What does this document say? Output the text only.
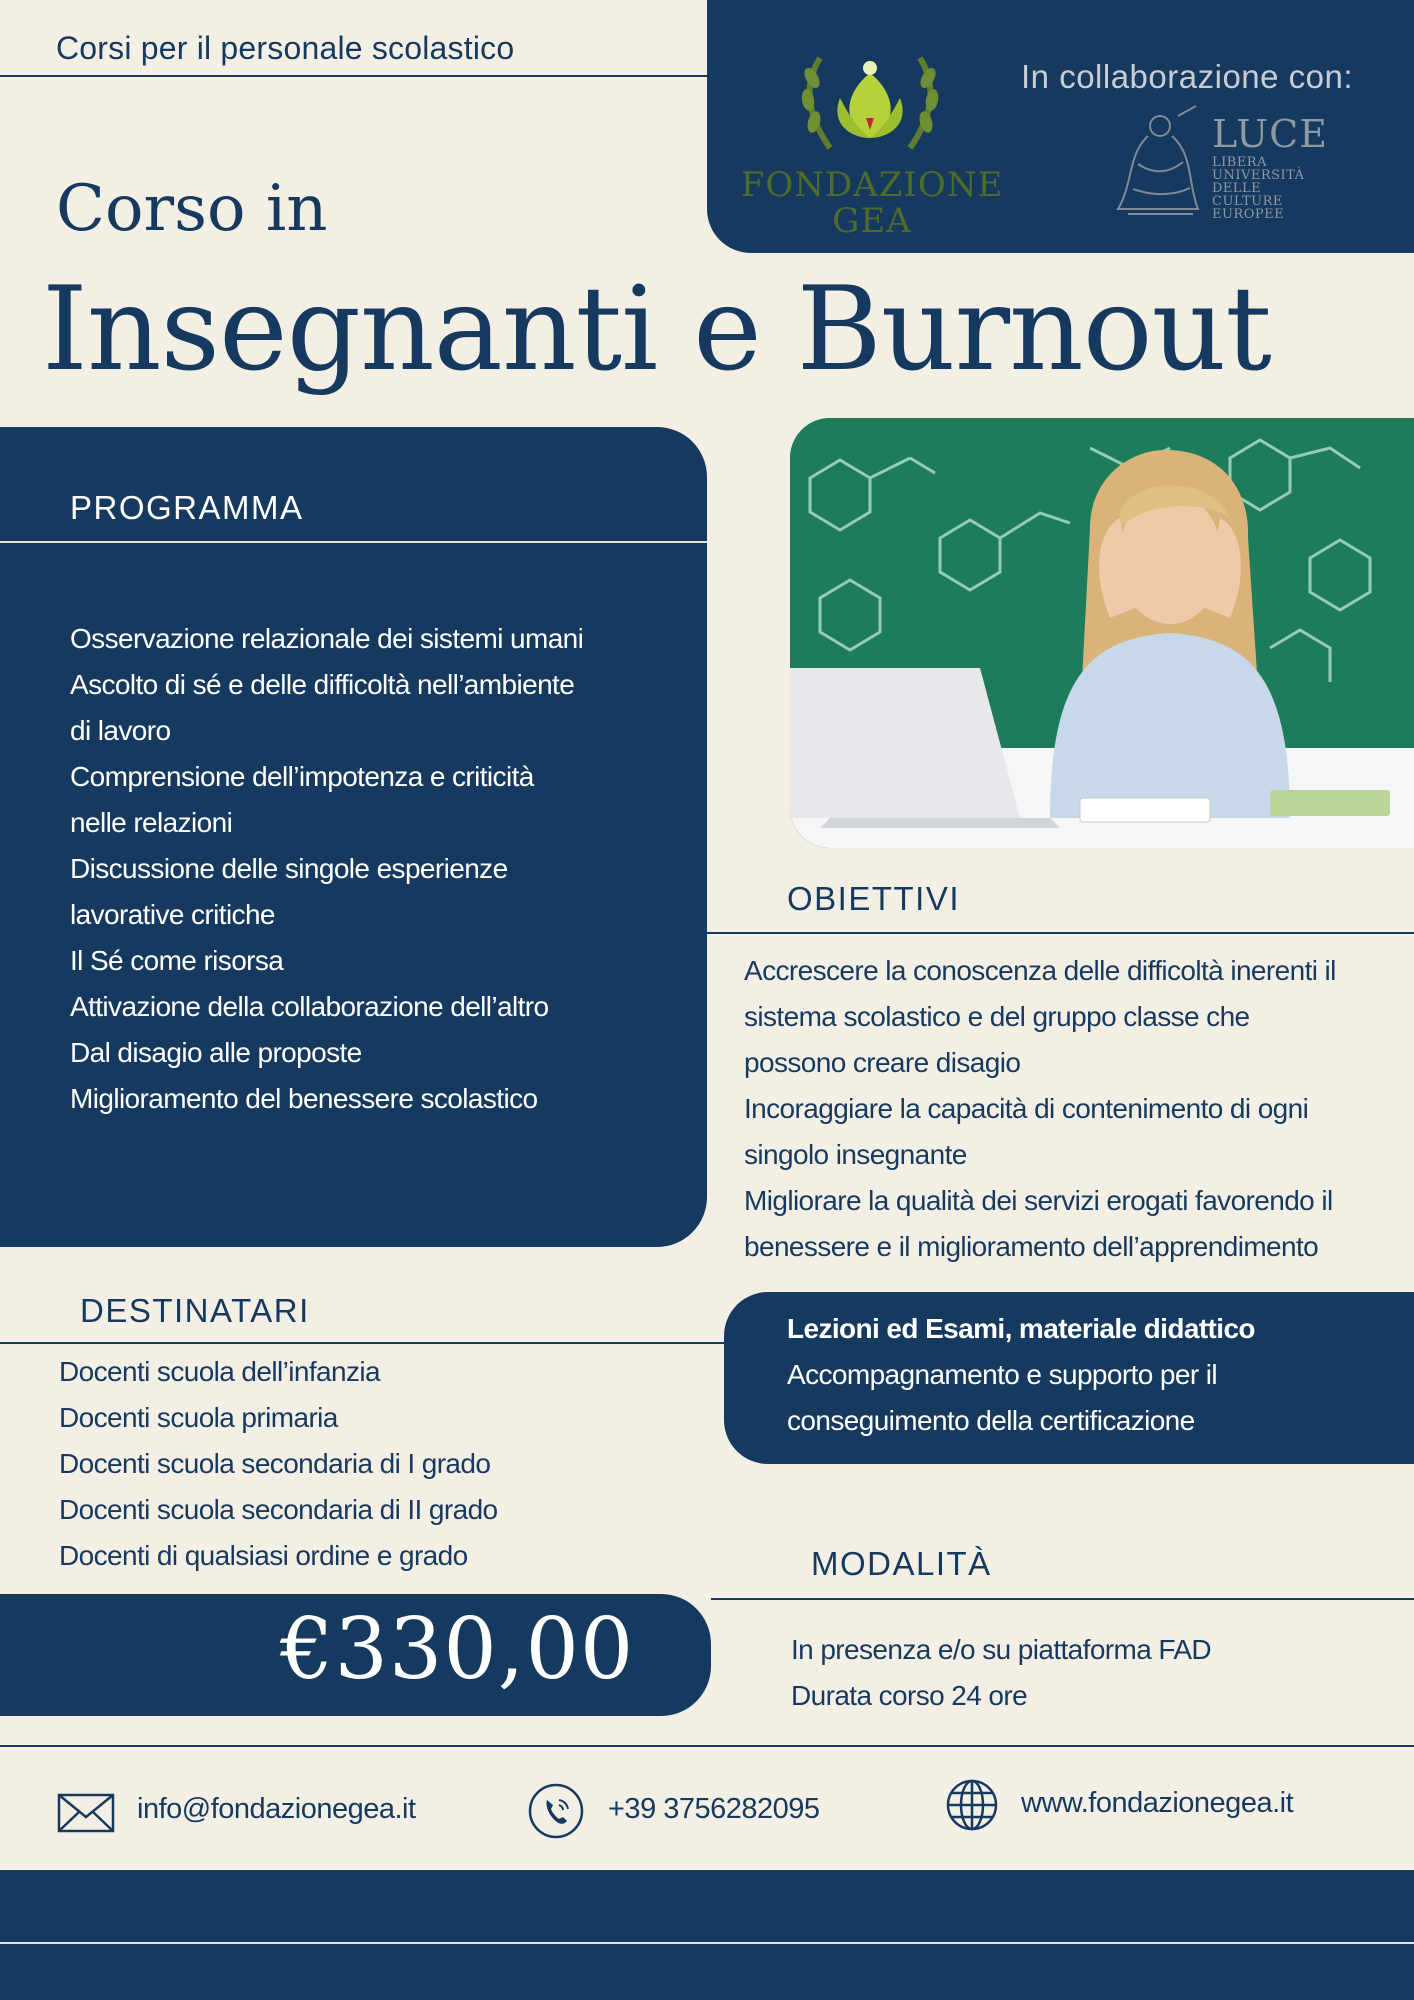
Corsi per il personale scolastico
In collaborazione con:
FONDAZIONE GEA
LUCE
LIBERA
UNIVERSITÀ
DELLE
CULTURE
EUROPEE
Corso in
Insegnanti e Burnout
PROGRAMMA
Osservazione relazionale dei sistemi umani
Ascolto di sé e delle difficoltà nell’ambiente
di lavoro
Comprensione dell’impotenza e criticità
nelle relazioni
Discussione delle singole esperienze
lavorative critiche
Il Sé come risorsa
Attivazione della collaborazione dell’altro
Dal disagio alle proposte
Miglioramento del benessere scolastico
OBIETTIVI
Accrescere la conoscenza delle difficoltà inerenti il
sistema scolastico e del gruppo classe che
possono creare disagio
Incoraggiare la capacità di contenimento di ogni
singolo insegnante
Migliorare la qualità dei servizi erogati favorendo il
benessere e il miglioramento dell’apprendimento
DESTINATARI
Docenti scuola dell’infanzia
Docenti scuola primaria
Docenti scuola secondaria di I grado
Docenti scuola secondaria di II grado
Docenti di qualsiasi ordine e grado
Lezioni ed Esami, materiale didattico
Accompagnamento e supporto per il
conseguimento della certificazione
€330,00
MODALITÀ
In presenza e/o su piattaforma FAD
Durata corso 24 ore
info@fondazionegea.it	+39 3756282095	www.fondazionegea.it
